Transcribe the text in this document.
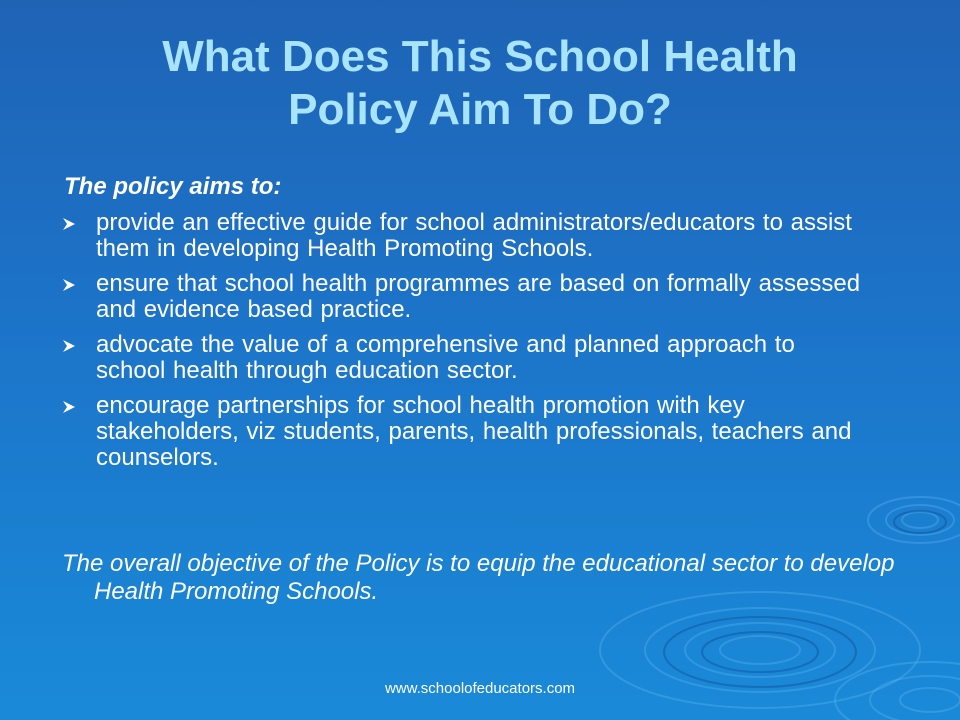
What Does This School Health
Policy Aim To Do?
The policy aims to:
provide an effective guide for school administrators/educators to assist them in developing Health Promoting Schools.
ensure that school health programmes are based on formally assessed and evidence based practice.
advocate the value of a comprehensive and planned approach to school health through education sector.
encourage partnerships for school health promotion with key stakeholders, viz students, parents, health professionals, teachers and counselors.
The overall objective of the Policy is to equip the educational sector to develop Health Promoting Schools.
www.schoolofeducators.com
